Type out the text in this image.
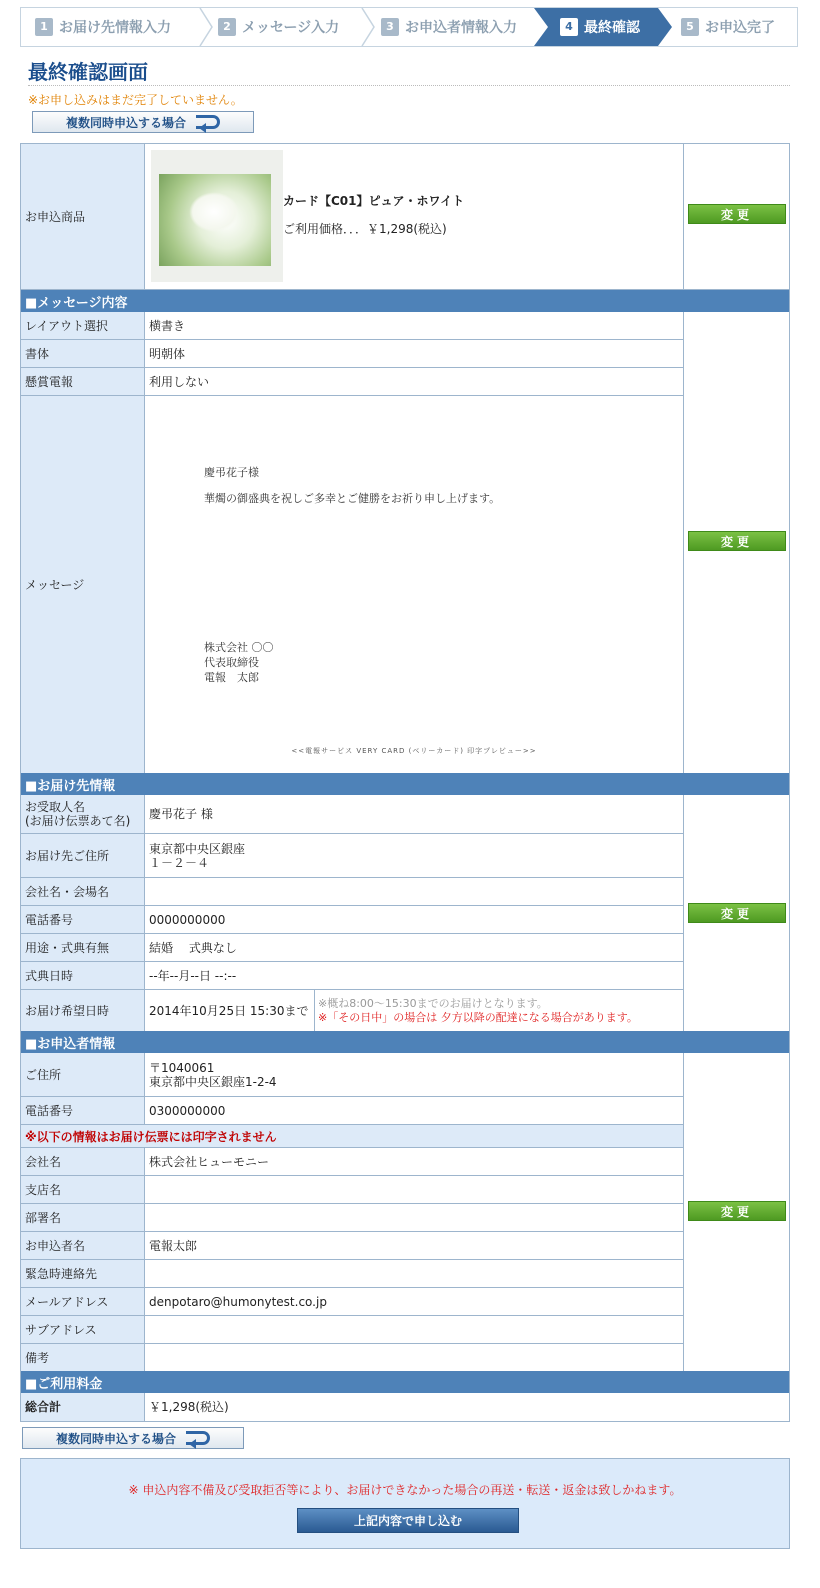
1 お届け先情報入力	2 メッセージ入力	3 お申込者情報入力	4 最終確認	5 お申込完了
最終確認画面
※お申し込みはまだ完了していません。
複数同時申込する場合
お申込商品
カード【C01】ピュア・ホワイト
ご利用価格．．．￥1,298(税込)
変更
■メッセージ内容
レイアウト選択	横書き
書体	明朝体
懸賞電報	利用しない
メッセージ
慶弔花子様
華燭の御盛典を祝しご多幸とご健勝をお祈り申し上げます。
株式会社 〇〇
代表取締役
電報　太郎
<<電報サービス VERY CARD (ベリーカード) 印字プレビュー>>
変更
■お届け先情報
お受取人名
(お届け伝票あて名)	慶弔花子 様
お届け先ご住所	東京都中央区銀座
１－２－４
会社名・会場名
電話番号	0000000000
用途・式典有無	結婚　 式典なし
式典日時	--年--月--日 --:--
お届け希望日時	2014年10月25日 15:30まで
※概ね8:00～15:30までのお届けとなります。
※「その日中」の場合は 夕方以降の配達になる場合があります。
変更
■お申込者情報
ご住所	〒1040061
東京都中央区銀座1-2-4
電話番号	0300000000
※以下の情報はお届け伝票には印字されません
会社名	株式会社ヒューモニー
支店名
部署名
お申込者名	電報太郎
緊急時連絡先
メールアドレス	denpotaro@humonytest.co.jp
サブアドレス
備考
変更
■ご利用料金
総合計	￥1,298(税込)
複数同時申込する場合
※ 申込内容不備及び受取拒否等により、お届けできなかった場合の再送・転送・返金は致しかねます。
上記内容で申し込む
